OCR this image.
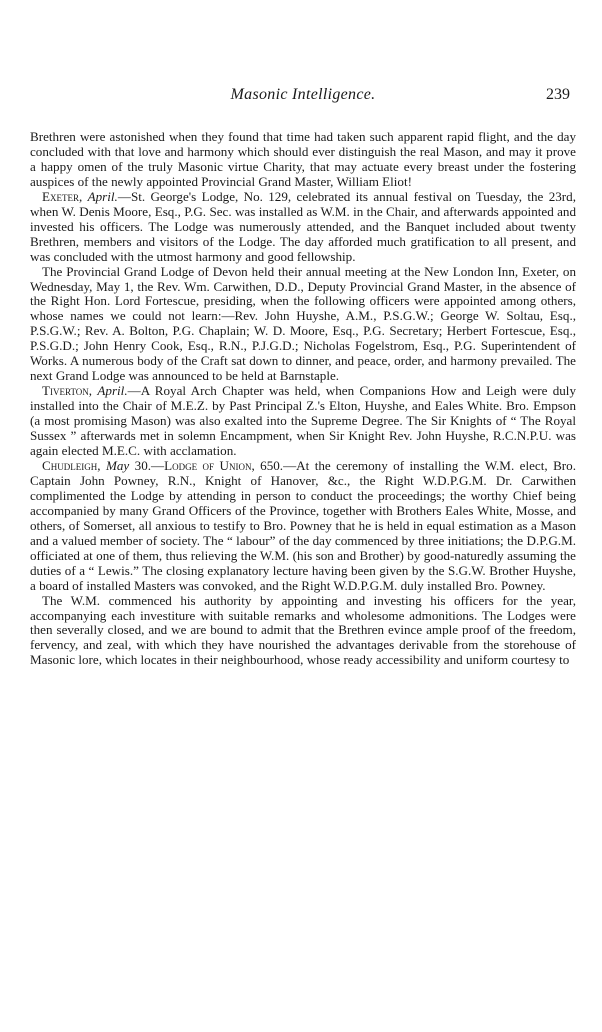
Masonic Intelligence.	239

Brethren were astonished when they found that time had taken such apparent rapid flight, and the day concluded with that love and harmony which should ever distinguish the real Mason, and may it prove a happy omen of the truly Masonic virtue Charity, that may actuate every breast under the fostering auspices of the newly appointed Provincial Grand Master, William Eliot!

Exeter, April.—St. George's Lodge, No. 129, celebrated its annual festival on Tuesday, the 23rd, when W. Denis Moore, Esq., P.G. Sec. was installed as W.M. in the Chair, and afterwards appointed and invested his officers. The Lodge was numerously attended, and the Banquet included about twenty Brethren, members and visitors of the Lodge. The day afforded much gratification to all present, and was concluded with the utmost harmony and good fellowship.

The Provincial Grand Lodge of Devon held their annual meeting at the New London Inn, Exeter, on Wednesday, May 1, the Rev. Wm. Carwithen, D.D., Deputy Provincial Grand Master, in the absence of the Right Hon. Lord Fortescue, presiding, when the following officers were appointed among others, whose names we could not learn:—Rev. John Huyshe, A.M., P.S.G.W.; George W. Soltau, Esq., P.S.G.W.; Rev. A. Bolton, P.G. Chaplain; W. D. Moore, Esq., P.G. Secretary; Herbert Fortescue, Esq., P.S.G.D.; John Henry Cook, Esq., R.N., P.J.G.D.; Nicholas Fogelstrom, Esq., P.G. Superintendent of Works. A numerous body of the Craft sat down to dinner, and peace, order, and harmony prevailed. The next Grand Lodge was announced to be held at Barnstaple.

Tiverton, April.—A Royal Arch Chapter was held, when Companions How and Leigh were duly installed into the Chair of M.E.Z. by Past Principal Z.'s Elton, Huyshe, and Eales White. Bro. Empson (a most promising Mason) was also exalted into the Supreme Degree. The Sir Knights of “ The Royal Sussex ” afterwards met in solemn Encampment, when Sir Knight Rev. John Huyshe, R.C.N.P.U. was again elected M.E.C. with acclamation.

Chudleigh, May 30.—Lodge of Union, 650.—At the ceremony of installing the W.M. elect, Bro. Captain John Powney, R.N., Knight of Hanover, &c., the Right W.D.P.G.M. Dr. Carwithen complimented the Lodge by attending in person to conduct the proceedings; the worthy Chief being accompanied by many Grand Officers of the Province, together with Brothers Eales White, Mosse, and others, of Somerset, all anxious to testify to Bro. Powney that he is held in equal estimation as a Mason and a valued member of society. The “ labour” of the day commenced by three initiations; the D.P.G.M. officiated at one of them, thus relieving the W.M. (his son and Brother) by good-naturedly assuming the duties of a “ Lewis.” The closing explanatory lecture having been given by the S.G.W. Brother Huyshe, a board of installed Masters was convoked, and the Right W.D.P.G.M. duly installed Bro. Powney.

The W.M. commenced his authority by appointing and investing his officers for the year, accompanying each investiture with suitable remarks and wholesome admonitions. The Lodges were then severally closed, and we are bound to admit that the Brethren evince ample proof of the freedom, fervency, and zeal, with which they have nourished the advantages derivable from the storehouse of Masonic lore, which locates in their neighbourhood, whose ready accessibility and uniform courtesy to
